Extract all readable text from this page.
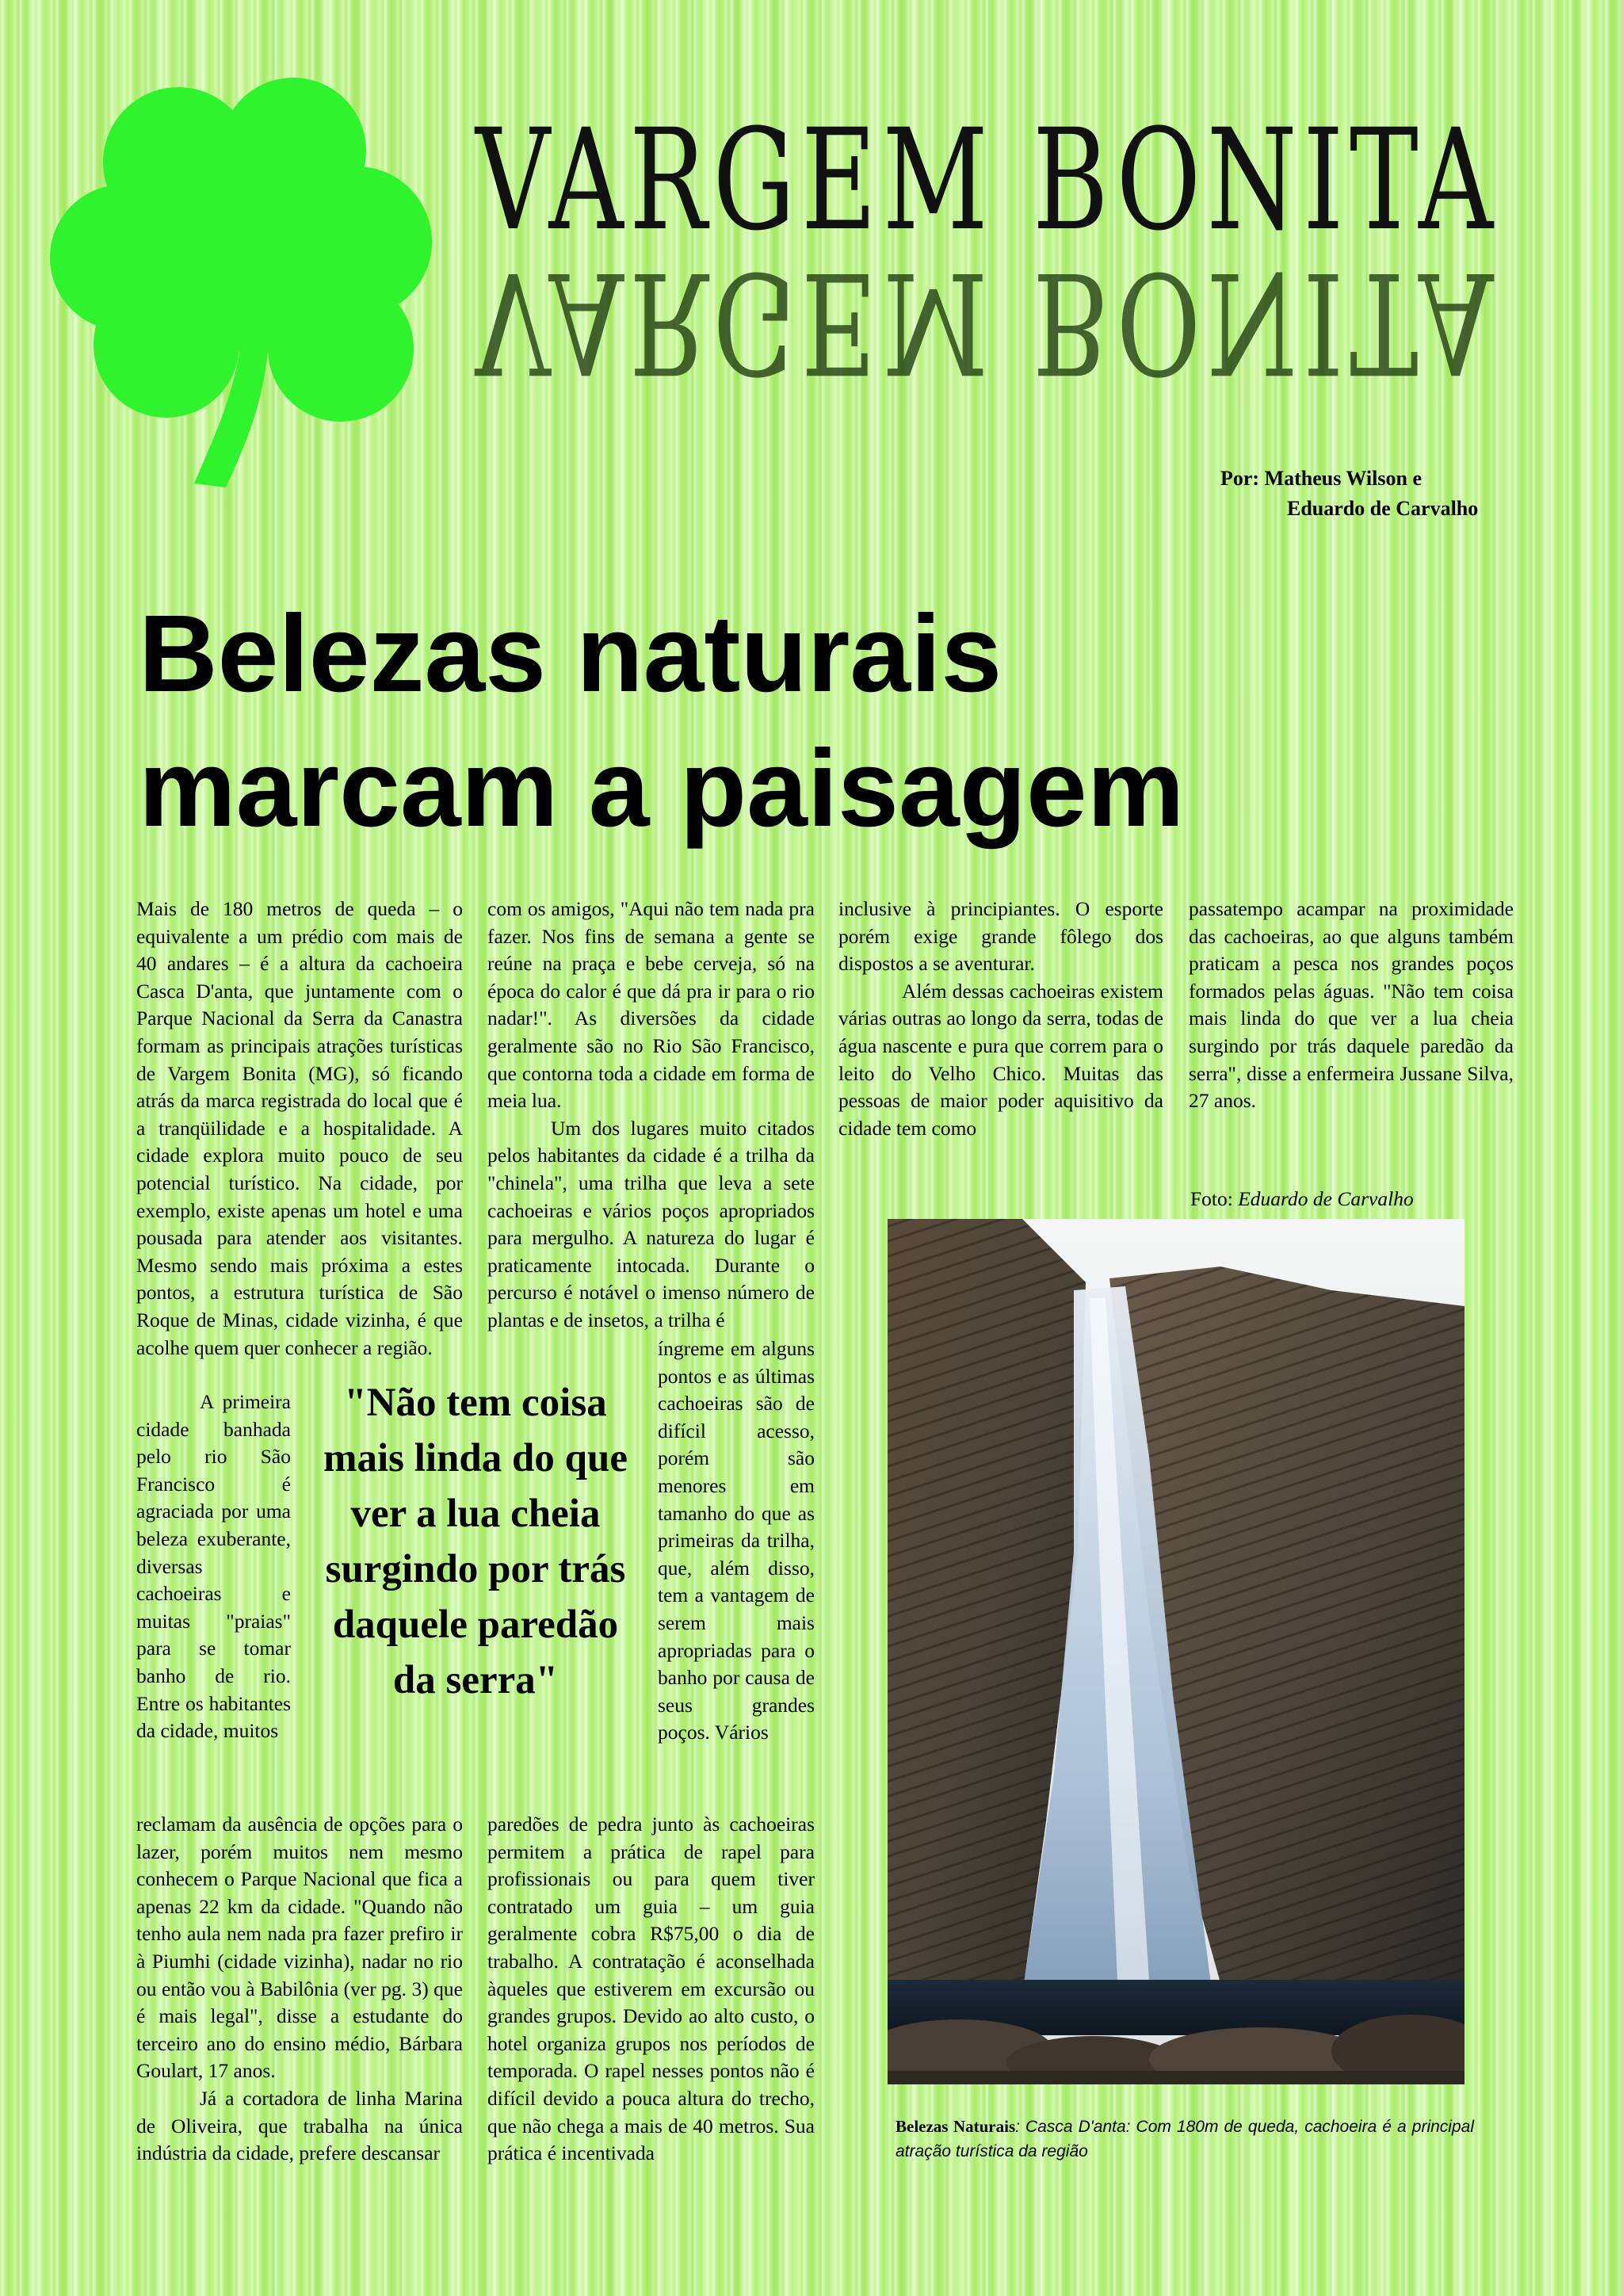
VARGEM BONITA
VARGEM BONITA
Por: Matheus Wilson e
Eduardo de Carvalho
Belezas naturais
marcam a paisagem

Mais de 180 metros de queda – o equivalente a um prédio com mais de 40 andares – é a altura da cachoeira Casca D'anta, que juntamente com o Parque Nacional da Serra da Canastra formam as principais atrações turísticas de Vargem Bonita (MG), só ficando atrás da marca registrada do local que é a tranqüilidade e a hospitalidade. A cidade explora muito pouco de seu potencial turístico. Na cidade, por exemplo, existe apenas um hotel e uma pousada para atender aos visitantes. Mesmo sendo mais próxima a estes pontos, a estrutura turística de São Roque de Minas, cidade vizinha, é que acolhe quem quer conhecer a região.

A primeira cidade banhada pelo rio São Francisco é agraciada por uma beleza exuberante, diversas cachoeiras e muitas "praias" para se tomar banho de rio. Entre os habitantes da cidade, muitos

reclamam da ausência de opções para o lazer, porém muitos nem mesmo conhecem o Parque Nacional que fica a apenas 22 km da cidade. "Quando não tenho aula nem nada pra fazer prefiro ir à Piumhi (cidade vizinha), nadar no rio ou então vou à Babilônia (ver pg. 3) que é mais legal", disse a estudante do terceiro ano do ensino médio, Bárbara Goulart, 17 anos.

Já a cortadora de linha Marina de Oliveira, que trabalha na única indústria da cidade, prefere descansar

"Não tem coisa mais linda do que ver a lua cheia surgindo por trás daquele paredão da serra"

com os amigos, "Aqui não tem nada pra fazer. Nos fins de semana a gente se reúne na praça e bebe cerveja, só na época do calor é que dá pra ir para o rio nadar!". As diversões da cidade geralmente são no Rio São Francisco, que contorna toda a cidade em forma de meia lua.

Um dos lugares muito citados pelos habitantes da cidade é a trilha da "chinela", uma trilha que leva a sete cachoeiras e vários poços apropriados para mergulho. A natureza do lugar é praticamente intocada. Durante o percurso é notável o imenso número de plantas e de insetos, a trilha é

íngreme em alguns pontos e as últimas cachoeiras são de difícil acesso, porém são menores em tamanho do que as primeiras da trilha, que, além disso, tem a vantagem de serem mais apropriadas para o banho por causa de seus grandes poços. Vários

paredões de pedra junto às cachoeiras permitem a prática de rapel para profissionais ou para quem tiver contratado um guia – um guia geralmente cobra R$75,00 o dia de trabalho. A contratação é aconselhada àqueles que estiverem em excursão ou grandes grupos. Devido ao alto custo, o hotel organiza grupos nos períodos de temporada. O rapel nesses pontos não é difícil devido a pouca altura do trecho, que não chega a mais de 40 metros. Sua prática é incentivada

inclusive à principiantes. O esporte porém exige grande fôlego dos dispostos a se aventurar.

Além dessas cachoeiras existem várias outras ao longo da serra, todas de água nascente e pura que correm para o leito do Velho Chico. Muitas das pessoas de maior poder aquisitivo da cidade tem como

passatempo acampar na proximidade das cachoeiras, ao que alguns também praticam a pesca nos grandes poços formados pelas águas. "Não tem coisa mais linda do que ver a lua cheia surgindo por trás daquele paredão da serra", disse a enfermeira Jussane Silva, 27 anos.

Foto: Eduardo de Carvalho
Belezas Naturais: Casca D'anta: Com 180m de queda, cachoeira é a principal atração turística da região
